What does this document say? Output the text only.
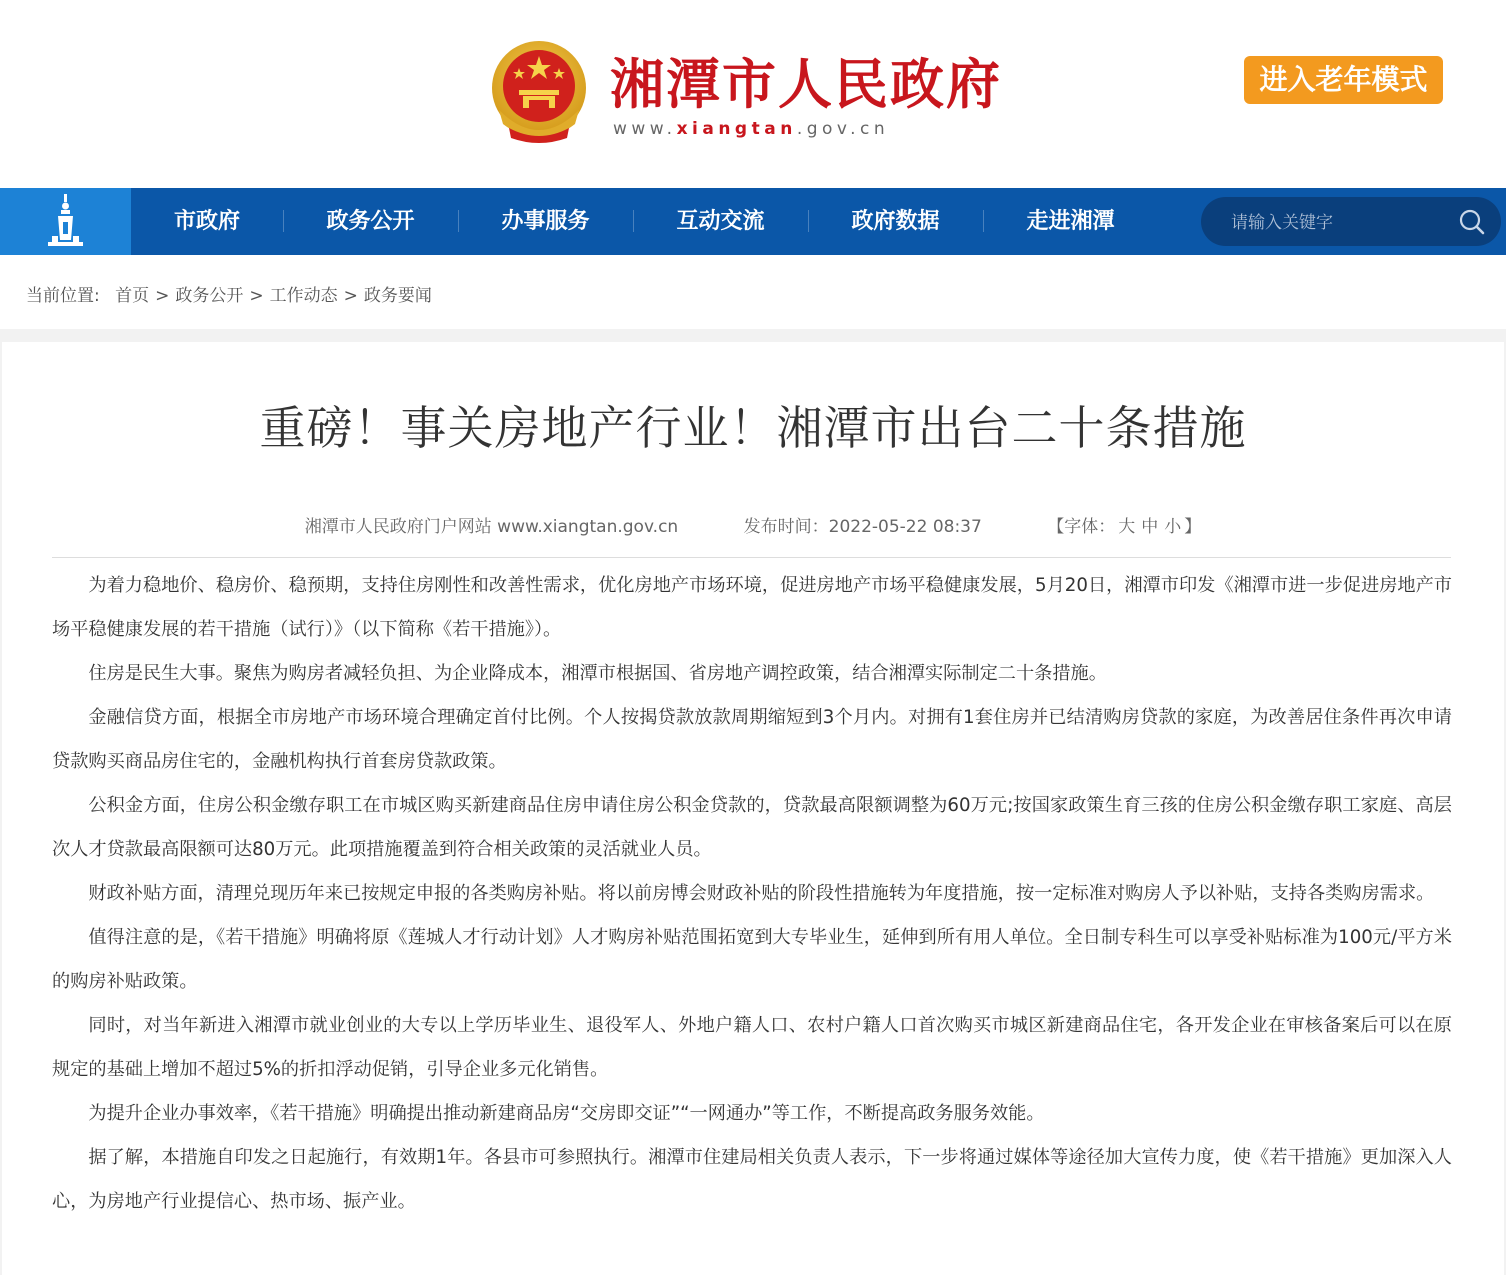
湘潭市人民政府
www.xiangtan.gov.cn
进入老年模式
市政府	政务公开	办事服务	互动交流	政府数据	走进湘潭
请输入关键字
当前位置: 首页 > 政务公开 > 工作动态 > 政务要闻
重磅！事关房地产行业！湘潭市出台二十条措施
湘潭市人民政府门户网站 www.xiangtan.gov.cn	发布时间：2022-05-22 08:37	【字体： 大 中 小 】

为着力稳地价、稳房价、稳预期，支持住房刚性和改善性需求，优化房地产市场环境，促进房地产市场平稳健康发展，5月20日，湘潭市印发《湘潭市进一步促进房地产市场平稳健康发展的若干措施（试行）》（以下简称《若干措施》）。

住房是民生大事。聚焦为购房者减轻负担、为企业降成本，湘潭市根据国、省房地产调控政策，结合湘潭实际制定二十条措施。

金融信贷方面，根据全市房地产市场环境合理确定首付比例。个人按揭贷款放款周期缩短到3个月内。对拥有1套住房并已结清购房贷款的家庭，为改善居住条件再次申请贷款购买商品房住宅的，金融机构执行首套房贷款政策。

公积金方面，住房公积金缴存职工在市城区购买新建商品住房申请住房公积金贷款的，贷款最高限额调整为60万元;按国家政策生育三孩的住房公积金缴存职工家庭、高层次人才贷款最高限额可达80万元。此项措施覆盖到符合相关政策的灵活就业人员。

财政补贴方面，清理兑现历年来已按规定申报的各类购房补贴。将以前房博会财政补贴的阶段性措施转为年度措施，按一定标准对购房人予以补贴，支持各类购房需求。

值得注意的是，《若干措施》明确将原《莲城人才行动计划》人才购房补贴范围拓宽到大专毕业生，延伸到所有用人单位。全日制专科生可以享受补贴标准为100元/平方米的购房补贴政策。

同时，对当年新进入湘潭市就业创业的大专以上学历毕业生、退役军人、外地户籍人口、农村户籍人口首次购买市城区新建商品住宅，各开发企业在审核备案后可以在原规定的基础上增加不超过5%的折扣浮动促销，引导企业多元化销售。

为提升企业办事效率，《若干措施》明确提出推动新建商品房“交房即交证”“一网通办”等工作，不断提高政务服务效能。

据了解，本措施自印发之日起施行，有效期1年。各县市可参照执行。湘潭市住建局相关负责人表示，下一步将通过媒体等途径加大宣传力度，使《若干措施》更加深入人心，为房地产行业提信心、热市场、振产业。
